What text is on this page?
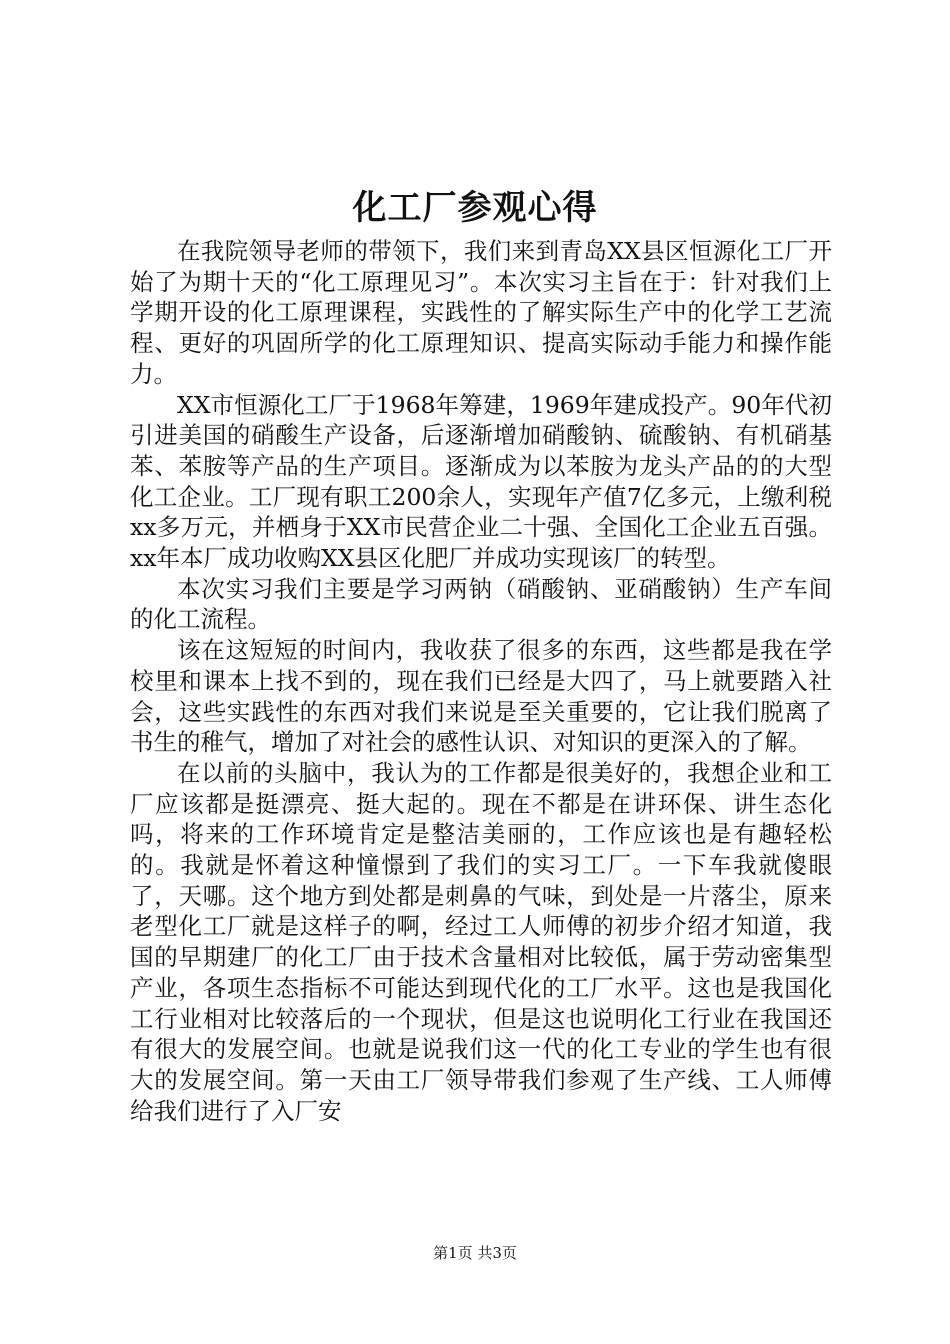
化工厂参观心得

在我院领导老师的带领下，我们来到青岛XX县区恒源化工厂开始了为期十天的“化工原理见习”。本次实习主旨在于：针对我们上学期开设的化工原理课程，实践性的了解实际生产中的化学工艺流程、更好的巩固所学的化工原理知识、提高实际动手能力和操作能力。

XX市恒源化工厂于1968年筹建，1969年建成投产。90年代初引进美国的硝酸生产设备，后逐渐增加硝酸钠、硫酸钠、有机硝基苯、苯胺等产品的生产项目。逐渐成为以苯胺为龙头产品的的大型化工企业。工厂现有职工200余人，实现年产值7亿多元，上缴利税xx多万元，并栖身于XX市民营企业二十强、全国化工企业五百强。xx年本厂成功收购XX县区化肥厂并成功实现该厂的转型。

本次实习我们主要是学习两钠（硝酸钠、亚硝酸钠）生产车间的化工流程。

该在这短短的时间内，我收获了很多的东西，这些都是我在学校里和课本上找不到的，现在我们已经是大四了，马上就要踏入社会，这些实践性的东西对我们来说是至关重要的，它让我们脱离了书生的稚气，增加了对社会的感性认识、对知识的更深入的了解。

在以前的头脑中，我认为的工作都是很美好的，我想企业和工厂应该都是挺漂亮、挺大起的。现在不都是在讲环保、讲生态化吗，将来的工作环境肯定是整洁美丽的，工作应该也是有趣轻松的。我就是怀着这种憧憬到了我们的实习工厂。一下车我就傻眼了，天哪。这个地方到处都是刺鼻的气味，到处是一片落尘，原来老型化工厂就是这样子的啊，经过工人师傅的初步介绍才知道，我国的早期建厂的化工厂由于技术含量相对比较低，属于劳动密集型产业，各项生态指标不可能达到现代化的工厂水平。这也是我国化工行业相对比较落后的一个现状，但是这也说明化工行业在我国还有很大的发展空间。也就是说我们这一代的化工专业的学生也有很大的发展空间。第一天由工厂领导带我们参观了生产线、工人师傅给我们进行了入厂安

第1页 共3页
